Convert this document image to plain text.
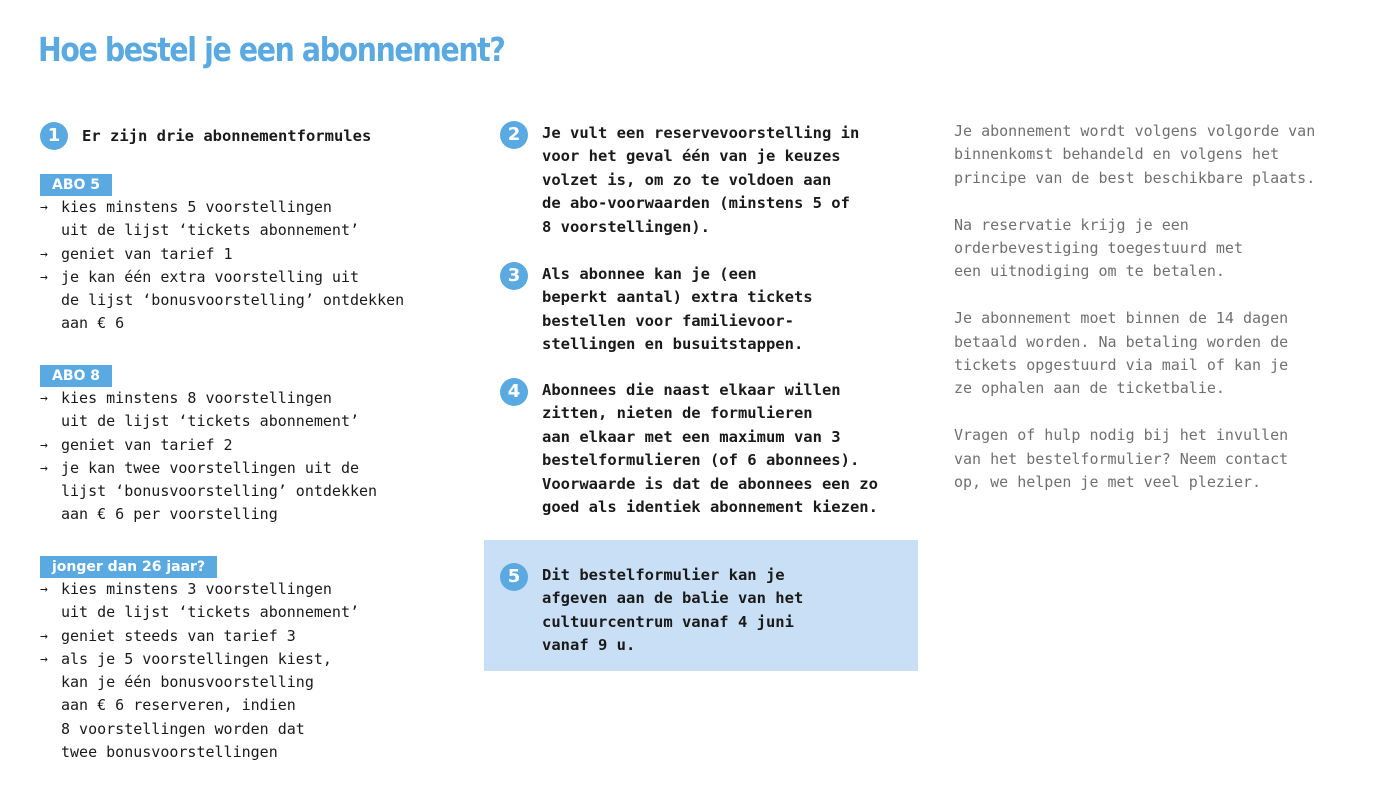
Hoe bestel je een abonnement?
1	Er zijn drie abonnementformules
ABO 5
→ kies minstens 5 voorstellingen
uit de lijst ‘tickets abonnement’
→ geniet van tarief 1
→ je kan één extra voorstelling uit
de lijst ‘bonusvoorstelling’ ontdekken
aan € 6
ABO 8
→ kies minstens 8 voorstellingen
uit de lijst ‘tickets abonnement’
→ geniet van tarief 2
→ je kan twee voorstellingen uit de
lijst ‘bonusvoorstelling’ ontdekken
aan € 6 per voorstelling
jonger dan 26 jaar?
→ kies minstens 3 voorstellingen
uit de lijst ‘tickets abonnement’
→ geniet steeds van tarief 3
→ als je 5 voorstellingen kiest,
kan je één bonusvoorstelling
aan € 6 reserveren, indien
8 voorstellingen worden dat
twee bonusvoorstellingen
2	Je vult een reservevoorstelling in
voor het geval één van je keuzes
volzet is, om zo te voldoen aan
de abo-voorwaarden (minstens 5 of
8 voorstellingen).
3	Als abonnee kan je (een
beperkt aantal) extra tickets
bestellen voor familievoor-
stellingen en busuitstappen.
4	Abonnees die naast elkaar willen
zitten, nieten de formulieren
aan elkaar met een maximum van 3
bestelformulieren (of 6 abonnees).
Voorwaarde is dat de abonnees een zo
goed als identiek abonnement kiezen.
5	Dit bestelformulier kan je
afgeven aan de balie van het
cultuurcentrum vanaf 4 juni
vanaf 9 u.

Je abonnement wordt volgens volgorde van
binnenkomst behandeld en volgens het
principe van de best beschikbare plaats.

Na reservatie krijg je een
orderbevestiging toegestuurd met
een uitnodiging om te betalen.

Je abonnement moet binnen de 14 dagen
betaald worden. Na betaling worden de
tickets opgestuurd via mail of kan je
ze ophalen aan de ticketbalie.

Vragen of hulp nodig bij het invullen
van het bestelformulier? Neem contact
op, we helpen je met veel plezier.
